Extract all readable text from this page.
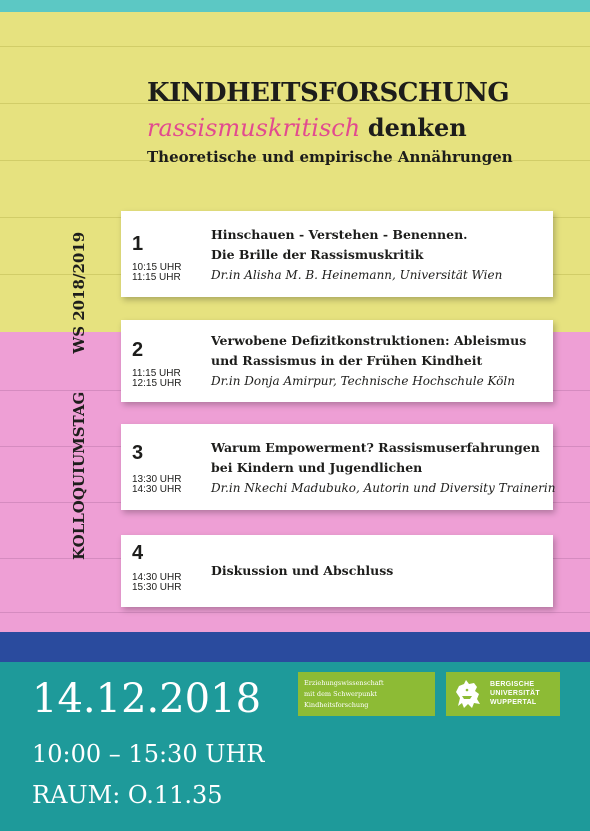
KINDHEITSFORSCHUNG
rassismuskritisch denken
Theoretische und empirische Annährungen
KOLLOQUIUMSTAGWS 2018/2019 1
10:15 UHR
11:15 UHR
Hinschauen - Verstehen - Benennen.
Die Brille der Rassismuskritik
Dr.in Alisha M. B. Heinemann, Universität Wien
2
11:15 UHR
12:15 UHR
Verwobene Defizitkonstruktionen: Ableismus
und Rassismus in der Frühen Kindheit
Dr.in Donja Amirpur, Technische Hochschule Köln
3
13:30 UHR
14:30 UHR
Warum Empowerment? Rassismuserfahrungen
bei Kindern und Jugendlichen
Dr.in Nkechi Madubuko, Autorin und Diversity Trainerin
4
14:30 UHR
15:30 UHR
Diskussion und Abschluss
14.12.2018
10:00 – 15:30 UHR
RAUM: O.11.35
Erziehungswissenschaft
mit dem Schwerpunkt
Kindheitsforschung
BERGISCHE
UNIVERSITÄT
WUPPERTAL
